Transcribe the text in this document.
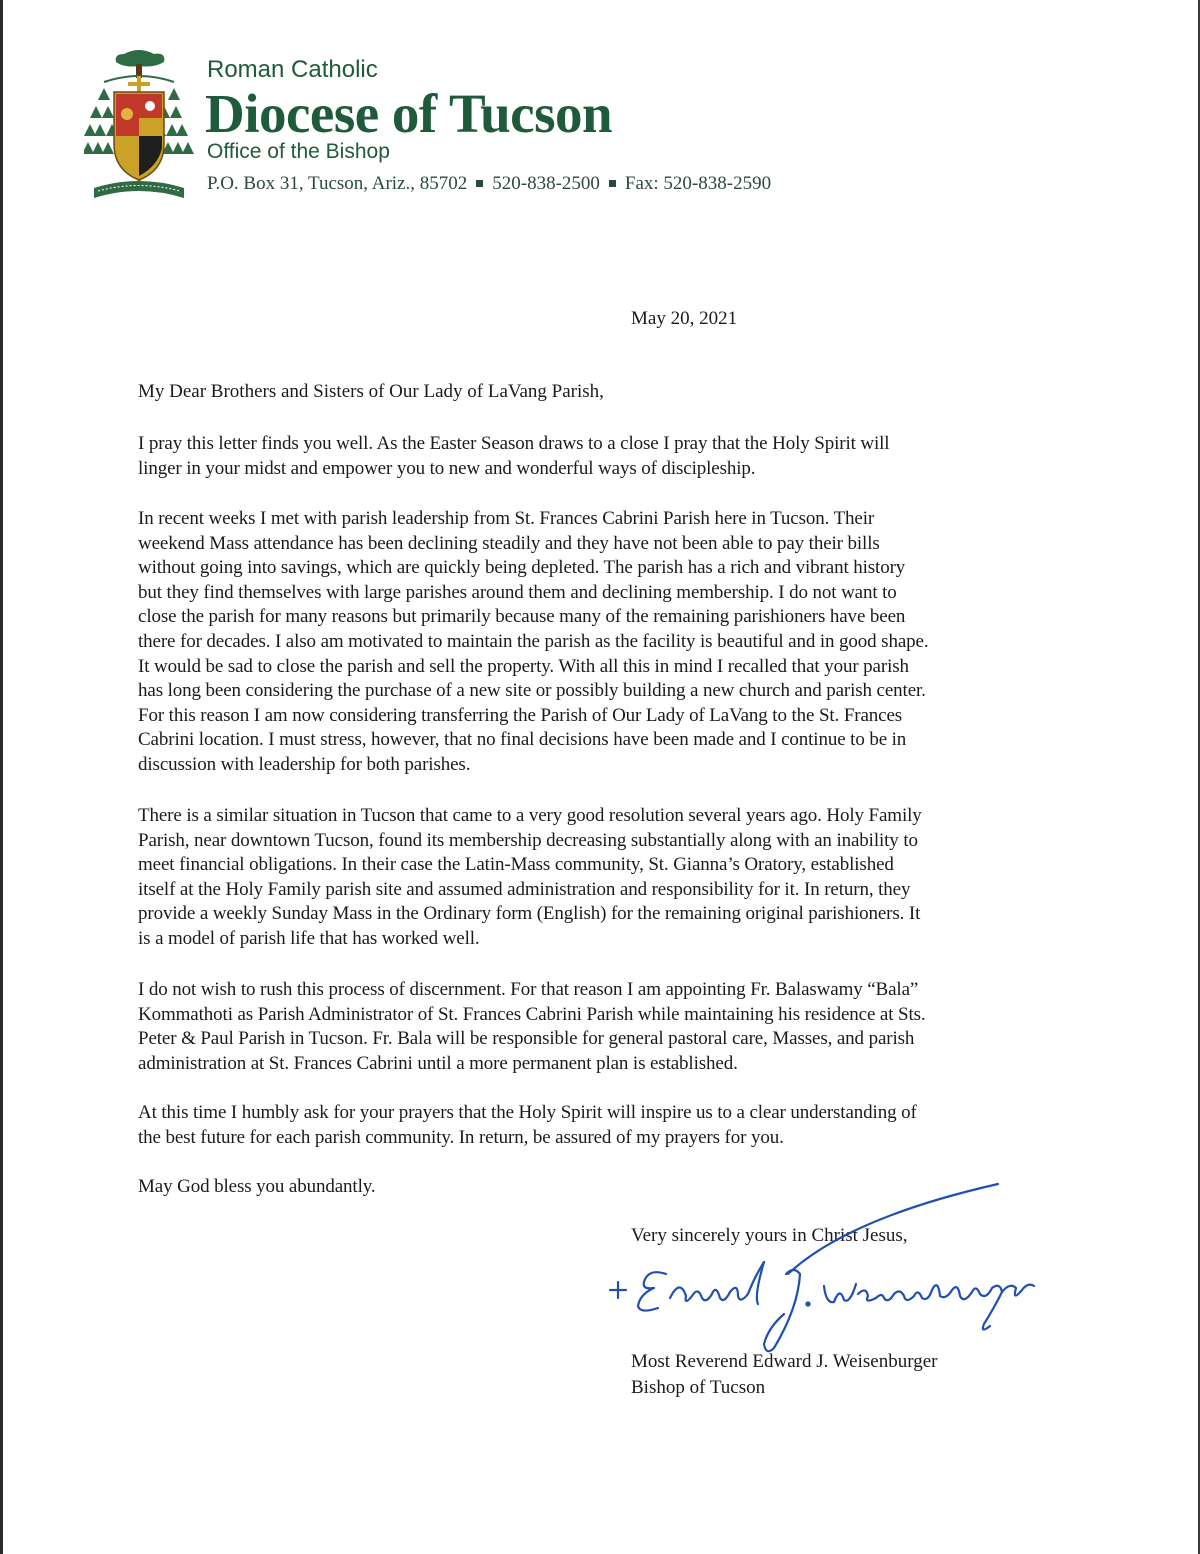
Roman Catholic

Diocese of Tucson

Office of the Bishop

P.O. Box 31, Tucson, Ariz., 85702 520-838-2500 Fax: 520-838-2590

May 20, 2021

My Dear Brothers and Sisters of Our Lady of LaVang Parish,

I pray this letter finds you well. As the Easter Season draws to a close I pray that the Holy Spirit will
linger in your midst and empower you to new and wonderful ways of discipleship.

In recent weeks I met with parish leadership from St. Frances Cabrini Parish here in Tucson. Their
weekend Mass attendance has been declining steadily and they have not been able to pay their bills
without going into savings, which are quickly being depleted. The parish has a rich and vibrant history
but they find themselves with large parishes around them and declining membership. I do not want to
close the parish for many reasons but primarily because many of the remaining parishioners have been
there for decades. I also am motivated to maintain the parish as the facility is beautiful and in good shape.
It would be sad to close the parish and sell the property. With all this in mind I recalled that your parish
has long been considering the purchase of a new site or possibly building a new church and parish center.
For this reason I am now considering transferring the Parish of Our Lady of LaVang to the St. Frances
Cabrini location. I must stress, however, that no final decisions have been made and I continue to be in
discussion with leadership for both parishes.

There is a similar situation in Tucson that came to a very good resolution several years ago. Holy Family
Parish, near downtown Tucson, found its membership decreasing substantially along with an inability to
meet financial obligations. In their case the Latin-Mass community, St. Gianna’s Oratory, established
itself at the Holy Family parish site and assumed administration and responsibility for it. In return, they
provide a weekly Sunday Mass in the Ordinary form (English) for the remaining original parishioners. It
is a model of parish life that has worked well.

I do not wish to rush this process of discernment. For that reason I am appointing Fr. Balaswamy “Bala”
Kommathoti as Parish Administrator of St. Frances Cabrini Parish while maintaining his residence at Sts.
Peter & Paul Parish in Tucson. Fr. Bala will be responsible for general pastoral care, Masses, and parish
administration at St. Frances Cabrini until a more permanent plan is established.

At this time I humbly ask for your prayers that the Holy Spirit will inspire us to a clear understanding of
the best future for each parish community. In return, be assured of my prayers for you.

May God bless you abundantly.

Very sincerely yours in Christ Jesus,

Most Reverend Edward J. Weisenburger

Bishop of Tucson
